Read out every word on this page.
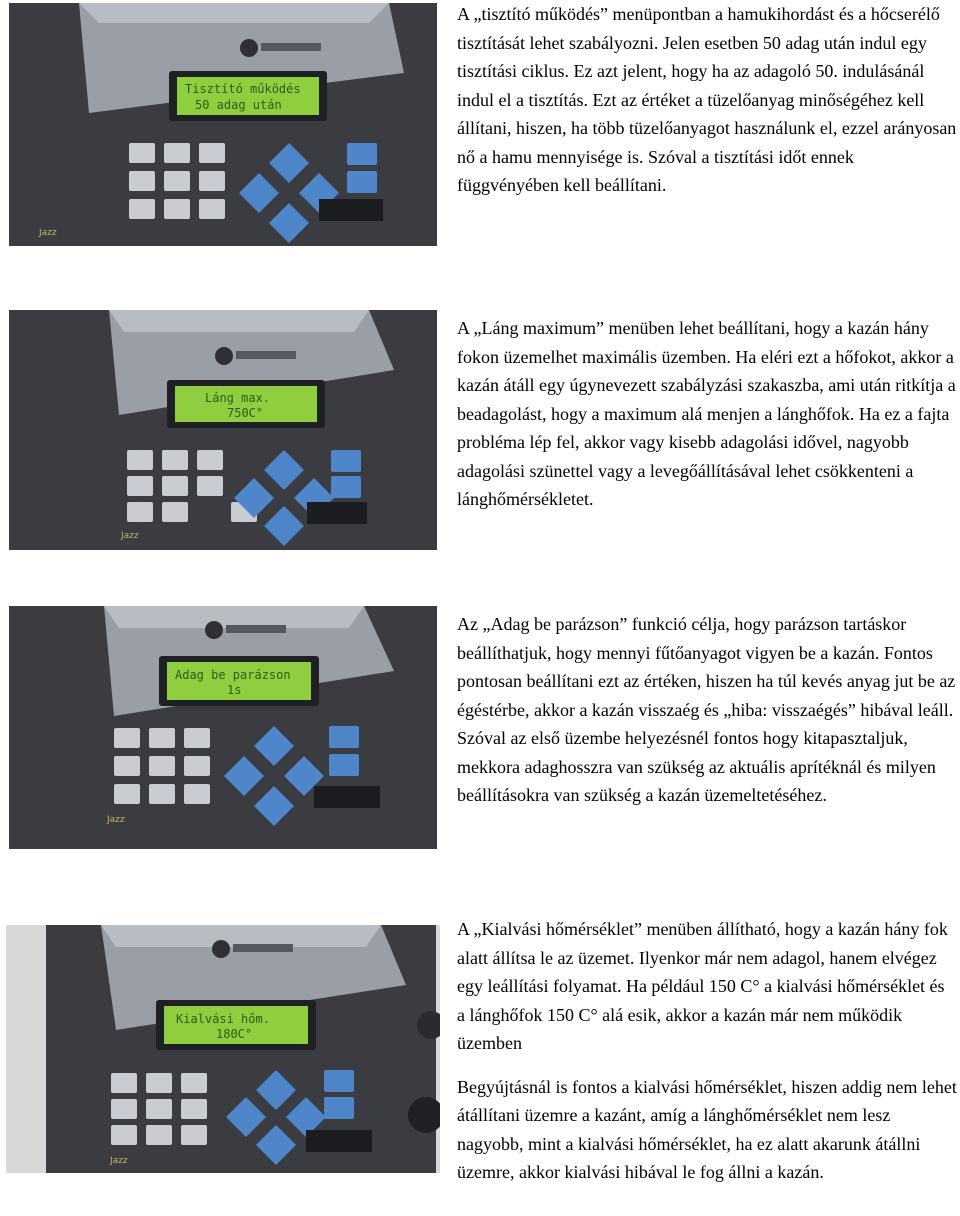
Tisztító működés
50 adag után
Jazz

A „tisztító működés” menüpontban a hamukihordást és a hőcserélő tisztítását lehet szabályozni. Jelen esetben 50 adag után indul egy tisztítási ciklus. Ez azt jelent, hogy ha az adagoló 50. indulásánál indul el a tisztítás. Ezt az értéket a tüzelőanyag minőségéhez kell állítani, hiszen, ha több tüzelőanyagot használunk el, ezzel arányosan nő a hamu mennyisége is. Szóval a tisztítási időt ennek függvényében kell beállítani.

Láng max.
750C°
Jazz

A „Láng maximum” menüben lehet beállítani, hogy a kazán hány fokon üzemelhet maximális üzemben. Ha eléri ezt a hőfokot, akkor a kazán átáll egy úgynevezett szabályzási szakaszba, ami után ritkítja a beadagolást, hogy a maximum alá menjen a lánghőfok. Ha ez a fajta probléma lép fel, akkor vagy kisebb adagolási idővel, nagyobb adagolási szünettel vagy a levegőállításával lehet csökkenteni a lánghőmérsékletet.

Adag be parázson
1s
Jazz

Az „Adag be parázson” funkció célja, hogy parázson tartáskor beállíthatjuk, hogy mennyi fűtőanyagot vigyen be a kazán. Fontos pontosan beállítani ezt az értéken, hiszen ha túl kevés anyag jut be az égéstérbe, akkor a kazán visszaég és „hiba: visszaégés” hibával leáll. Szóval az első üzembe helyezésnél fontos hogy kitapasztaljuk, mekkora adaghosszra van szükség az aktuális aprítéknál és milyen beállításokra van szükség a kazán üzemeltetéséhez.

Kialvási hőm.
180C°
Jazz

A „Kialvási hőmérséklet” menüben állítható, hogy a kazán hány fok alatt állítsa le az üzemet. Ilyenkor már nem adagol, hanem elvégez egy leállítási folyamat. Ha például 150 C° a kialvási hőmérséklet és a lánghőfok 150 C° alá esik, akkor a kazán már nem működik üzemben

Begyújtásnál is fontos a kialvási hőmérséklet, hiszen addig nem lehet átállítani üzemre a kazánt, amíg a lánghőmérséklet nem lesz nagyobb, mint a kialvási hőmérséklet, ha ez alatt akarunk átállni üzemre, akkor kialvási hibával le fog állni a kazán.
